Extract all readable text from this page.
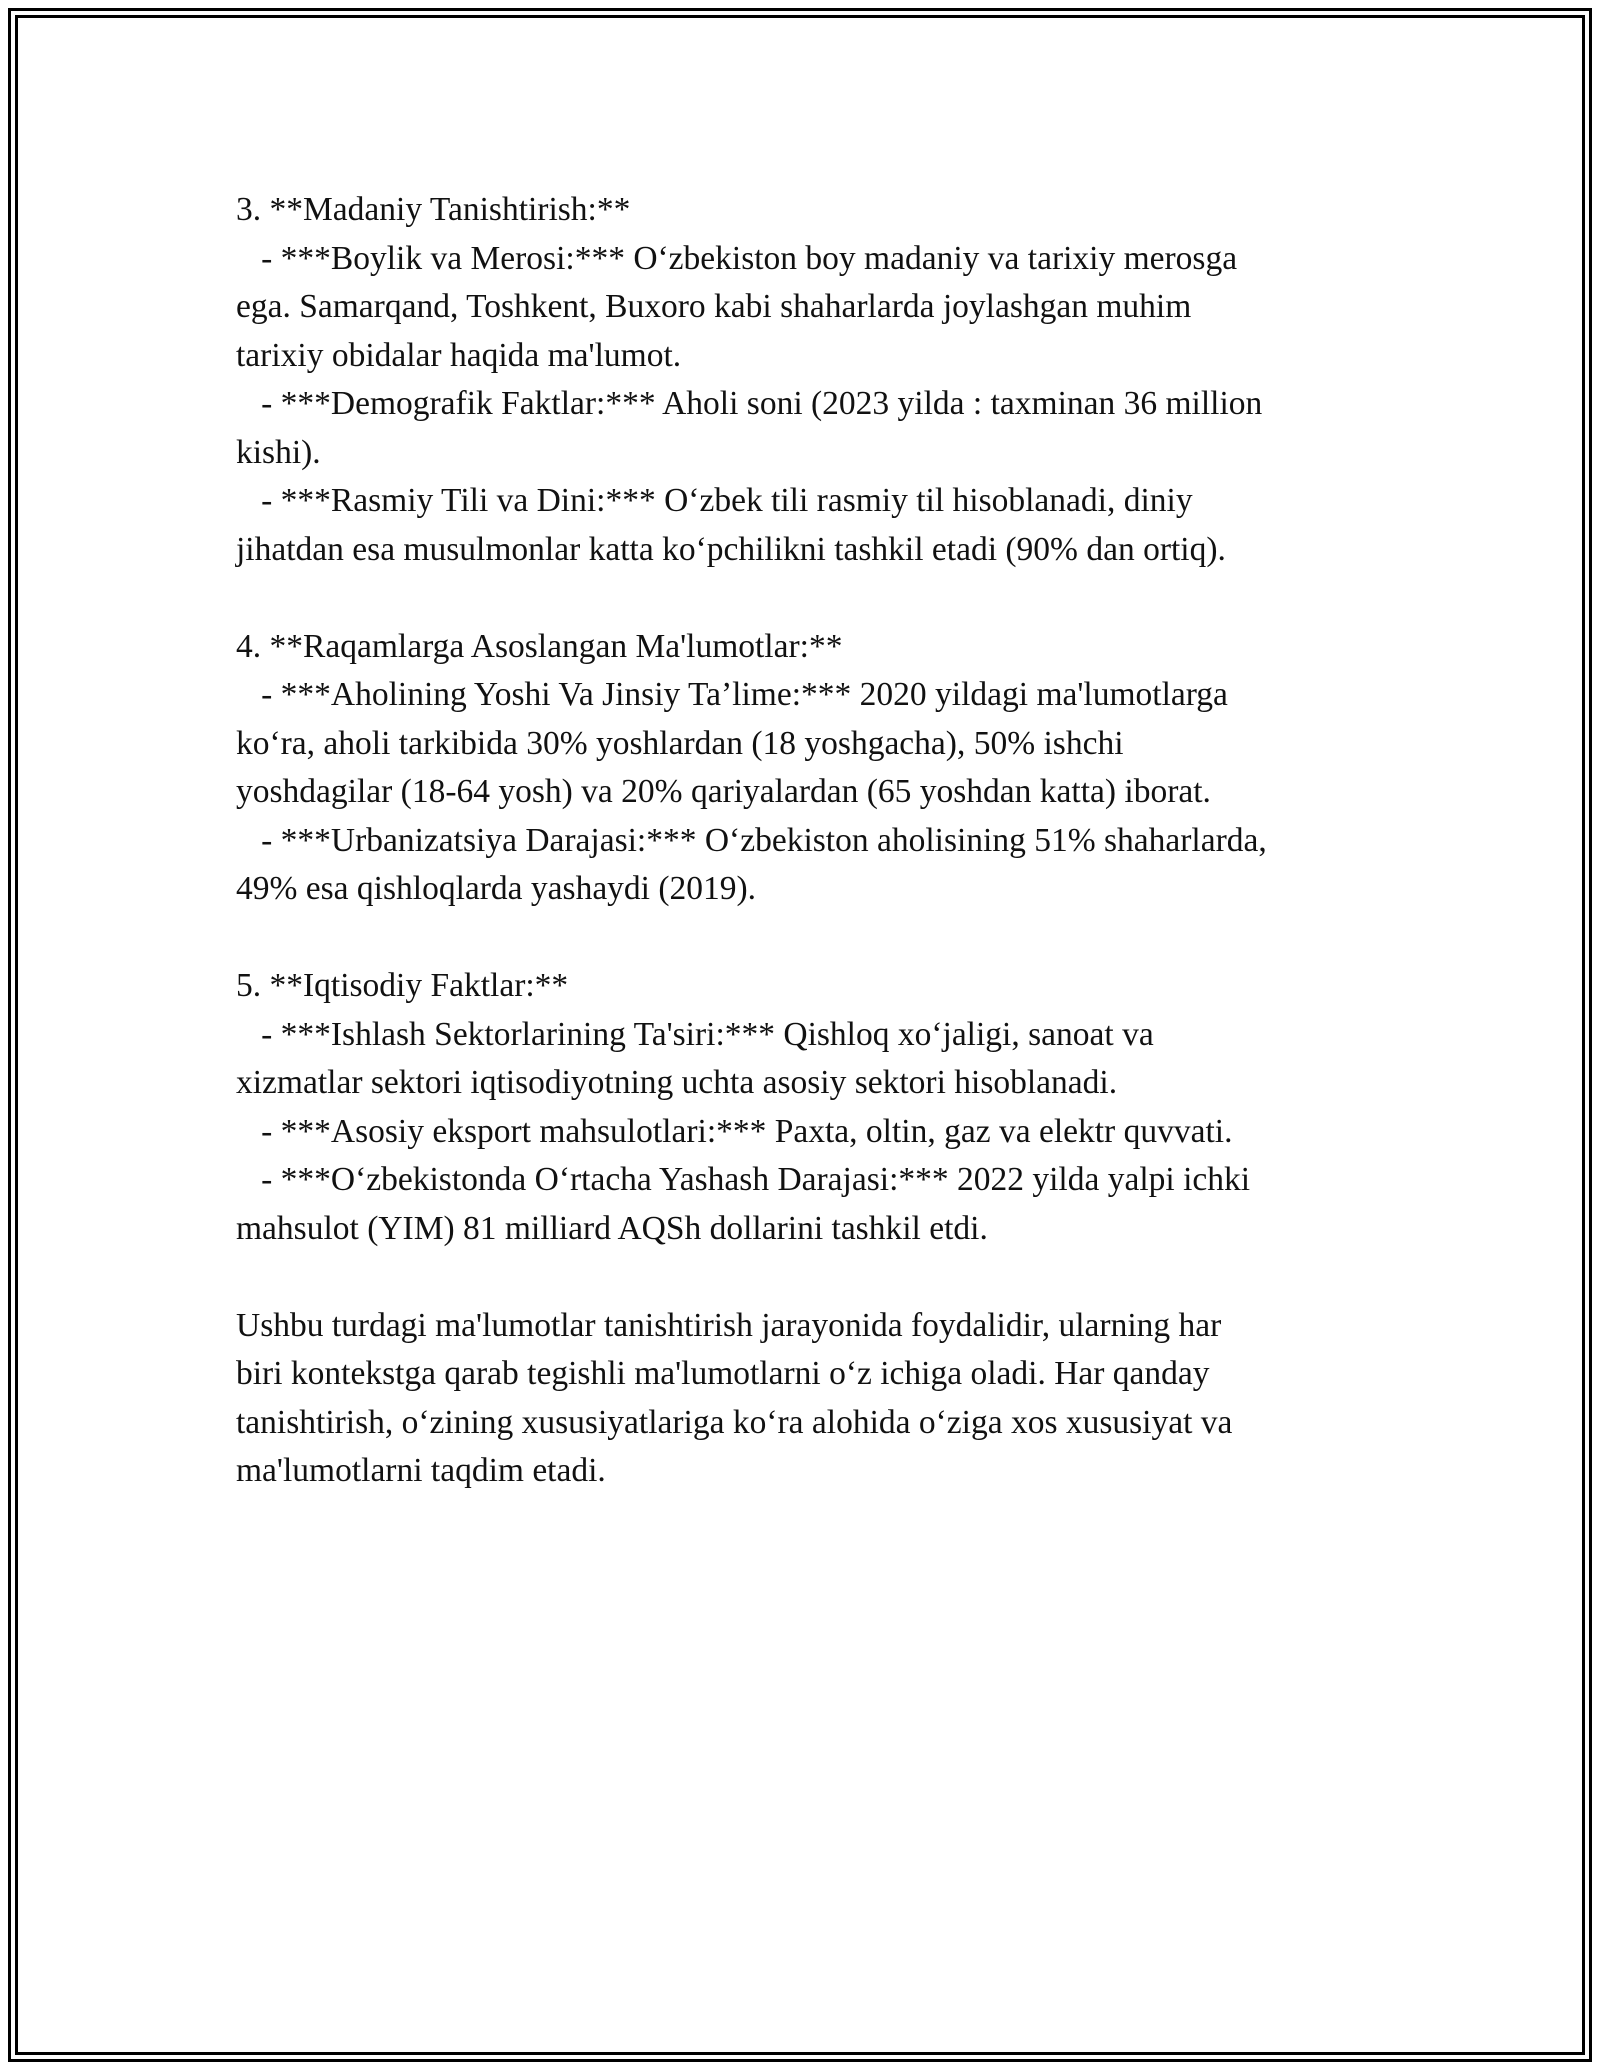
3. **Madaniy Tanishtirish:**
- ***Boylik va Merosi:*** O‘zbekiston boy madaniy va tarixiy merosga
ega. Samarqand, Toshkent, Buxoro kabi shaharlarda joylashgan muhim
tarixiy obidalar haqida ma'lumot.
- ***Demografik Faktlar:*** Aholi soni (2023 yilda : taxminan 36 million
kishi).
- ***Rasmiy Tili va Dini:*** O‘zbek tili rasmiy til hisoblanadi, diniy
jihatdan esa musulmonlar katta ko‘pchilikni tashkil etadi (90% dan ortiq).
4. **Raqamlarga Asoslangan Ma'lumotlar:**
- ***Aholining Yoshi Va Jinsiy Ta’lime:*** 2020 yildagi ma'lumotlarga
ko‘ra, aholi tarkibida 30% yoshlardan (18 yoshgacha), 50% ishchi
yoshdagilar (18-64 yosh) va 20% qariyalardan (65 yoshdan katta) iborat.
- ***Urbanizatsiya Darajasi:*** O‘zbekiston aholisining 51% shaharlarda,
49% esa qishloqlarda yashaydi (2019).
5. **Iqtisodiy Faktlar:**
- ***Ishlash Sektorlarining Ta'siri:*** Qishloq xo‘jaligi, sanoat va
xizmatlar sektori iqtisodiyotning uchta asosiy sektori hisoblanadi.
- ***Asosiy eksport mahsulotlari:*** Paxta, oltin, gaz va elektr quvvati.
- ***O‘zbekistonda O‘rtacha Yashash Darajasi:*** 2022 yilda yalpi ichki
mahsulot (YIM) 81 milliard AQSh dollarini tashkil etdi.
Ushbu turdagi ma'lumotlar tanishtirish jarayonida foydalidir, ularning har
biri kontekstga qarab tegishli ma'lumotlarni o‘z ichiga oladi. Har qanday
tanishtirish, o‘zining xususiyatlariga ko‘ra alohida o‘ziga xos xususiyat va
ma'lumotlarni taqdim etadi.
